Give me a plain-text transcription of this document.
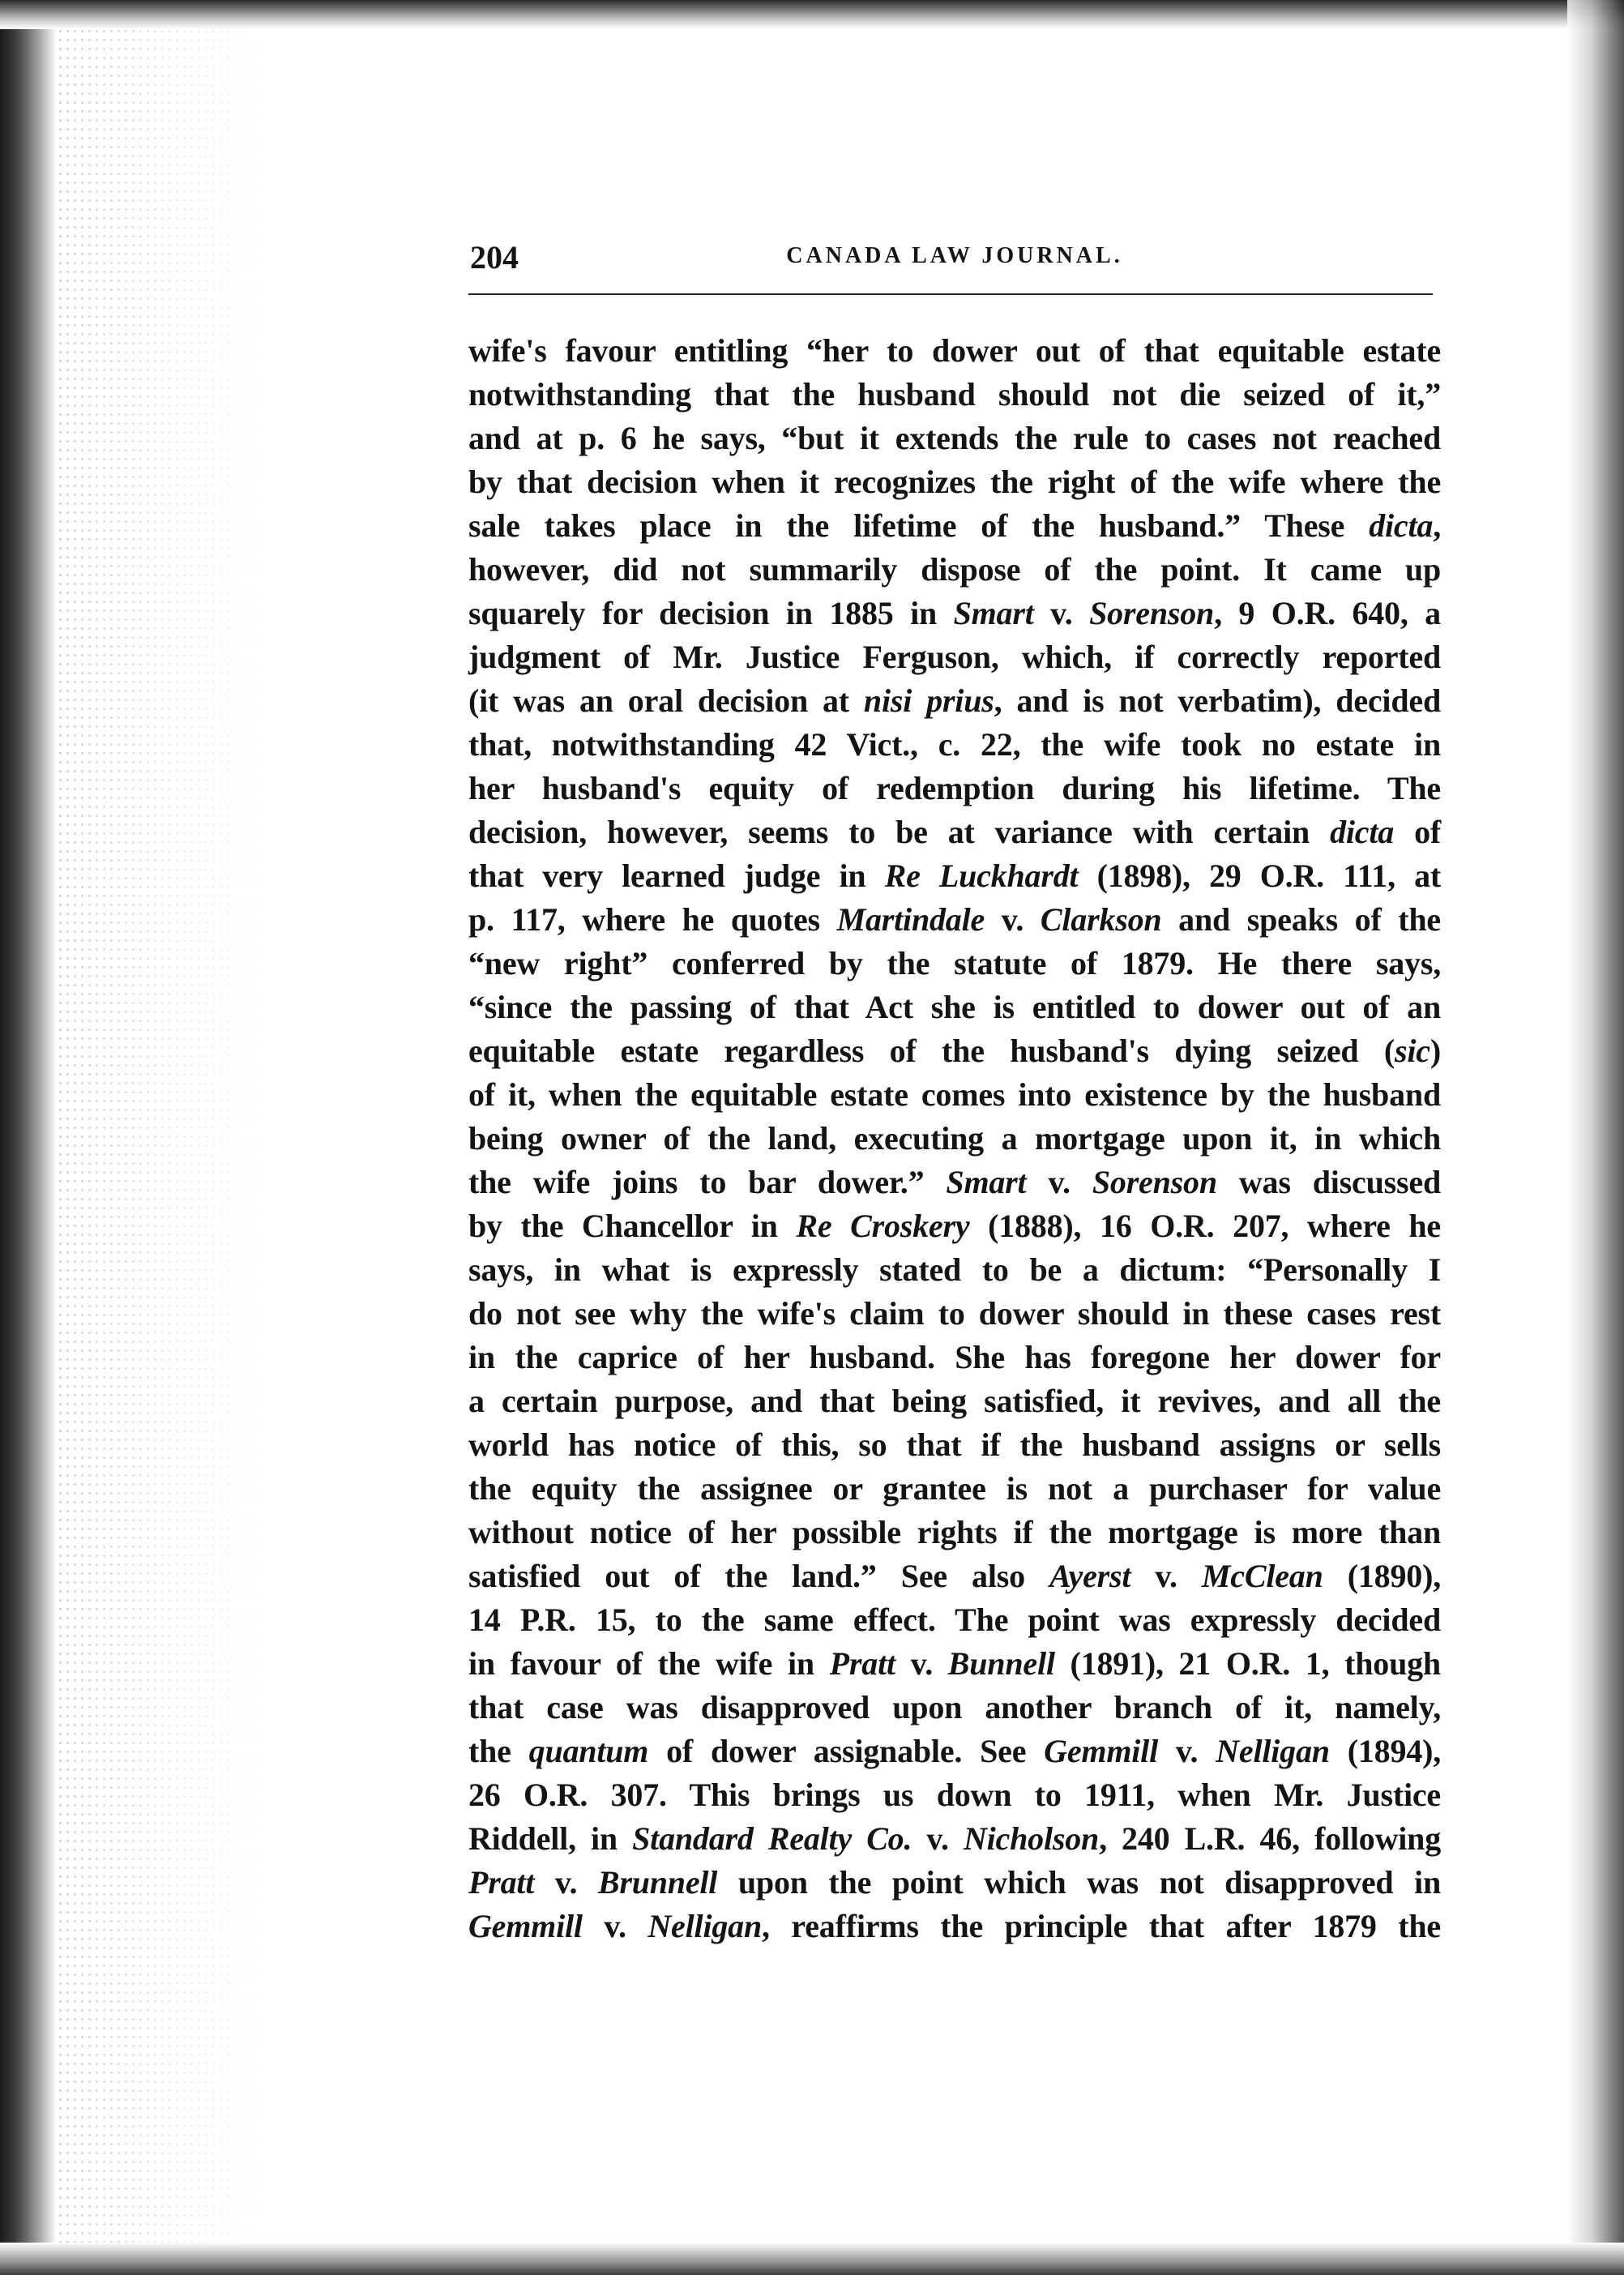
204	CANADA LAW JOURNAL.
wife's favour entitling “her to dower out of that equitable estate
notwithstanding that the husband should not die seized of it,”
and at p. 6 he says, “but it extends the rule to cases not reached
by that decision when it recognizes the right of the wife where the
sale takes place in the lifetime of the husband.” These dicta,
however, did not summarily dispose of the point. It came up
squarely for decision in 1885 in Smart v. Sorenson, 9 O.R. 640, a
judgment of Mr. Justice Ferguson, which, if correctly reported
(it was an oral decision at nisi prius, and is not verbatim), decided
that, notwithstanding 42 Vict., c. 22, the wife took no estate in
her husband's equity of redemption during his lifetime. The
decision, however, seems to be at variance with certain dicta of
that very learned judge in Re Luckhardt (1898), 29 O.R. 111, at
p. 117, where he quotes Martindale v. Clarkson and speaks of the
“new right” conferred by the statute of 1879. He there says,
“since the passing of that Act she is entitled to dower out of an
equitable estate regardless of the husband's dying seized (sic)
of it, when the equitable estate comes into existence by the husband
being owner of the land, executing a mortgage upon it, in which
the wife joins to bar dower.” Smart v. Sorenson was discussed
by the Chancellor in Re Croskery (1888), 16 O.R. 207, where he
says, in what is expressly stated to be a dictum: “Personally I
do not see why the wife's claim to dower should in these cases rest
in the caprice of her husband. She has foregone her dower for
a certain purpose, and that being satisfied, it revives, and all the
world has notice of this, so that if the husband assigns or sells
the equity the assignee or grantee is not a purchaser for value
without notice of her possible rights if the mortgage is more than
satisfied out of the land.” See also Ayerst v. McClean (1890),
14 P.R. 15, to the same effect. The point was expressly decided
in favour of the wife in Pratt v. Bunnell (1891), 21 O.R. 1, though
that case was disapproved upon another branch of it, namely,
the quantum of dower assignable. See Gemmill v. Nelligan (1894),
26 O.R. 307. This brings us down to 1911, when Mr. Justice
Riddell, in Standard Realty Co. v. Nicholson, 240 L.R. 46, following
Pratt v. Brunnell upon the point which was not disapproved in
Gemmill v. Nelligan, reaffirms the principle that after 1879 the
